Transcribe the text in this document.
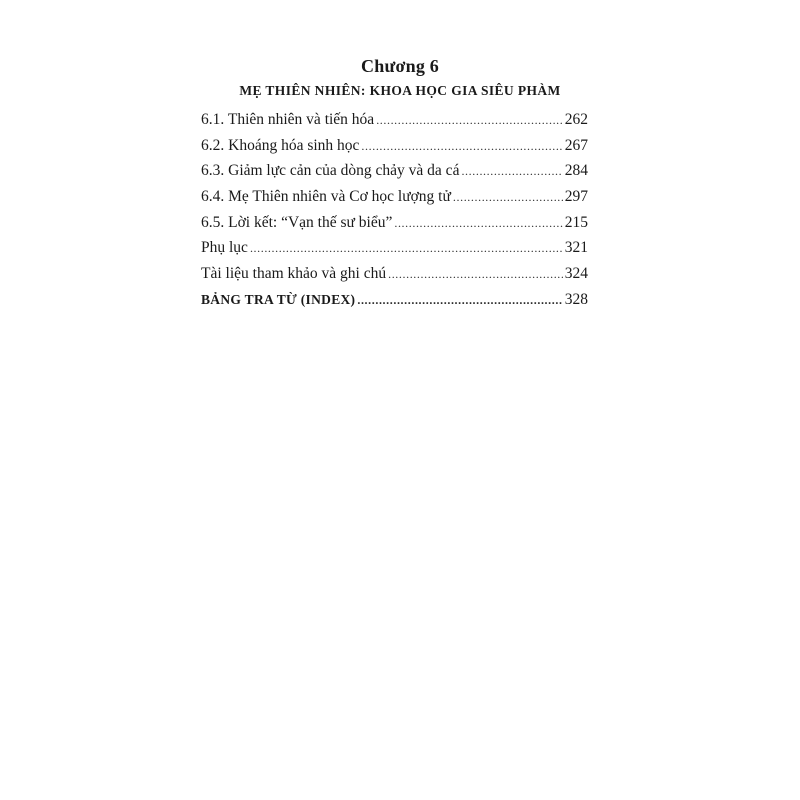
Chương 6
MẸ THIÊN NHIÊN: KHOA HỌC GIA SIÊU PHÀM
6.1. Thiên nhiên và tiến hóa .....	262
6.2. Khoáng hóa sinh học .....	267
6.3. Giảm lực cản của dòng chảy và da cá .....	284
6.4. Mẹ Thiên nhiên và Cơ học lượng tử .....	297
6.5. Lời kết: “Vạn thế sư biểu” .....	215
Phụ lục .....	321
Tài liệu tham khảo và ghi chú .....	324
BẢNG TRA TỪ (INDEX) .....	328
